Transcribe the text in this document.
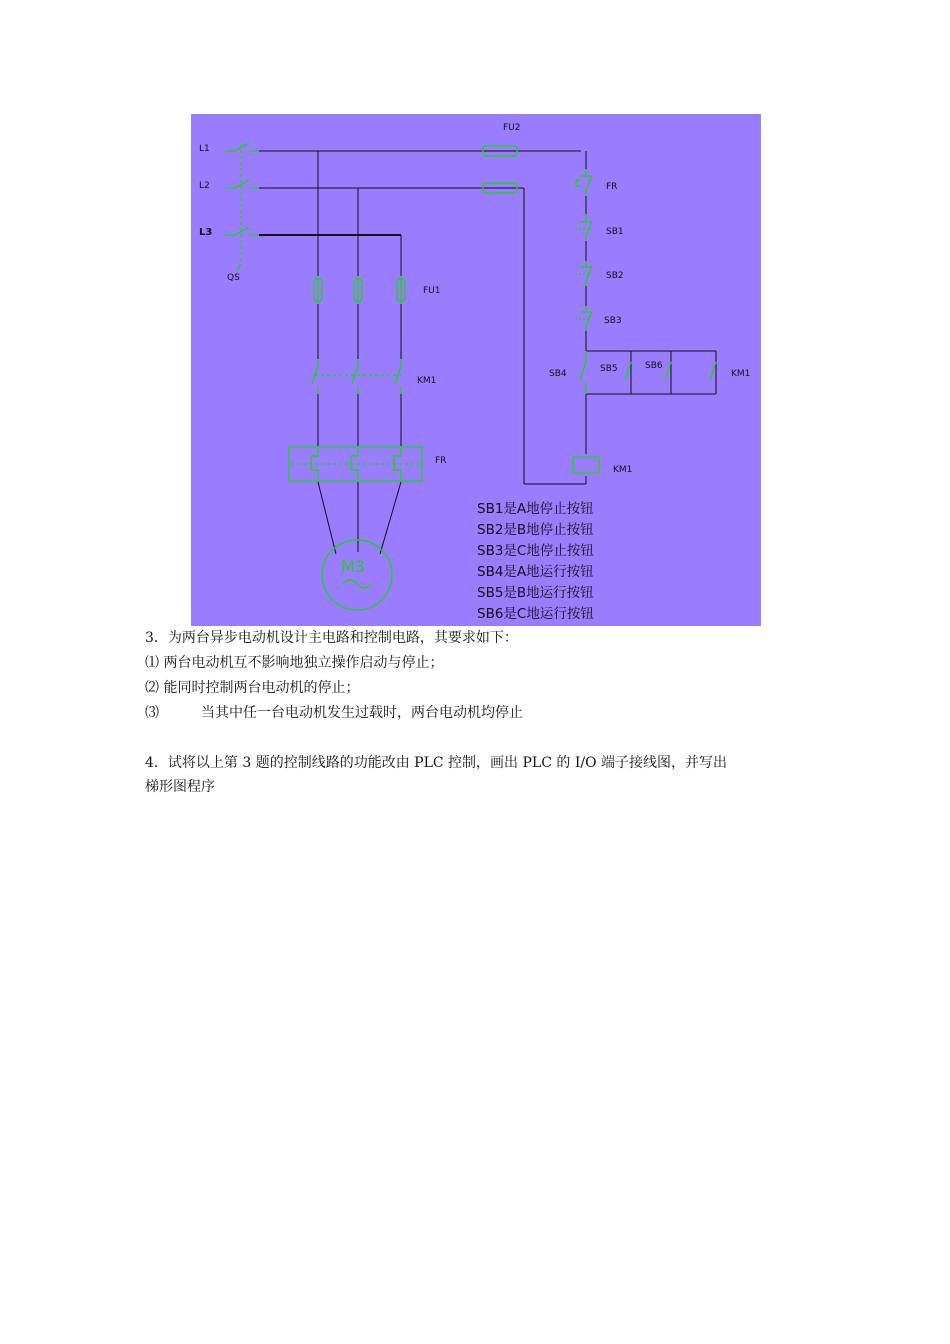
M3
L1
L2
L3
QS
FU2
FU1
KM1
FR
FR
SB1
SB2
SB3
SB4	SB5	SB6
KM1
KM1
SB1是A地停止按钮
SB2是B地停止按钮
SB3是C地停止按钮
SB4是A地运行按钮
SB5是B地运行按钮
SB6是C地运行按钮
3．为两台异步电动机设计主电路和控制电路，其要求如下：
⑴ 两台电动机互不影响地独立操作启动与停止；
⑵ 能同时控制两台电动机的停止；
⑶　　　当其中任一台电动机发生过载时，两台电动机均停止
4．试将以上第 3 题的控制线路的功能改由 PLC 控制，画出 PLC 的 I/O 端子接线图，并写出
梯形图程序
